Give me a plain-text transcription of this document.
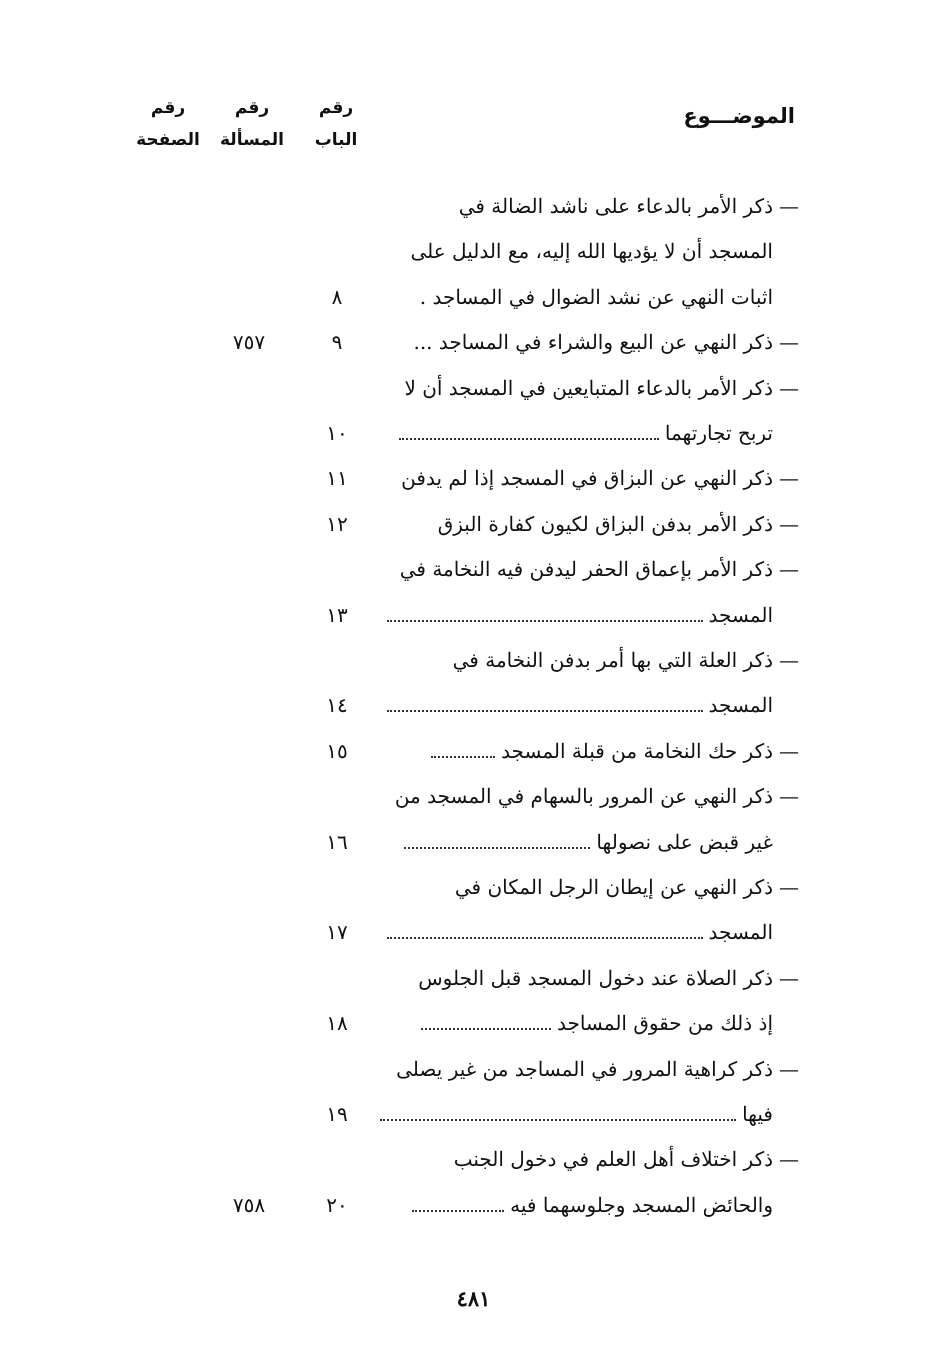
الموضـــوع
رقم
الباب
رقم
المسألة
رقم
الصفحة
—ذكر الأمر بالدعاء على ناشد الضالة في
المسجد أن لا يؤديها الله إليه، مع الدليل على
اثبات النهي عن نشد الضوال في المساجد .
٨
—ذكر النهي عن البيع والشراء في المساجد ...
٩
٧٥٧
—ذكر الأمر بالدعاء المتبايعين في المسجد أن لا
تربح تجارتهما
١٠
—ذكر النهي عن البزاق في المسجد إذا لم يدفن
١١
—ذكر الأمر بدفن البزاق لكيون كفارة البزق
١٢
—ذكر الأمر بإعماق الحفر ليدفن فيه النخامة في
المسجد
١٣
—ذكر العلة التي بها أمر بدفن النخامة في
المسجد
١٤
—ذكر حك النخامة من قبلة المسجد
١٥
—ذكر النهي عن المرور بالسهام في المسجد من
غير قبض على نصولها
١٦
—ذكر النهي عن إيطان الرجل المكان في
المسجد
١٧
—ذكر الصلاة عند دخول المسجد قبل الجلوس
إذ ذلك من حقوق المساجد
١٨
—ذكر كراهية المرور في المساجد من غير يصلى
فيها
١٩
—ذكر اختلاف أهل العلم في دخول الجنب
والحائض المسجد وجلوسهما فيه
٢٠
٧٥٨
٤٨١
